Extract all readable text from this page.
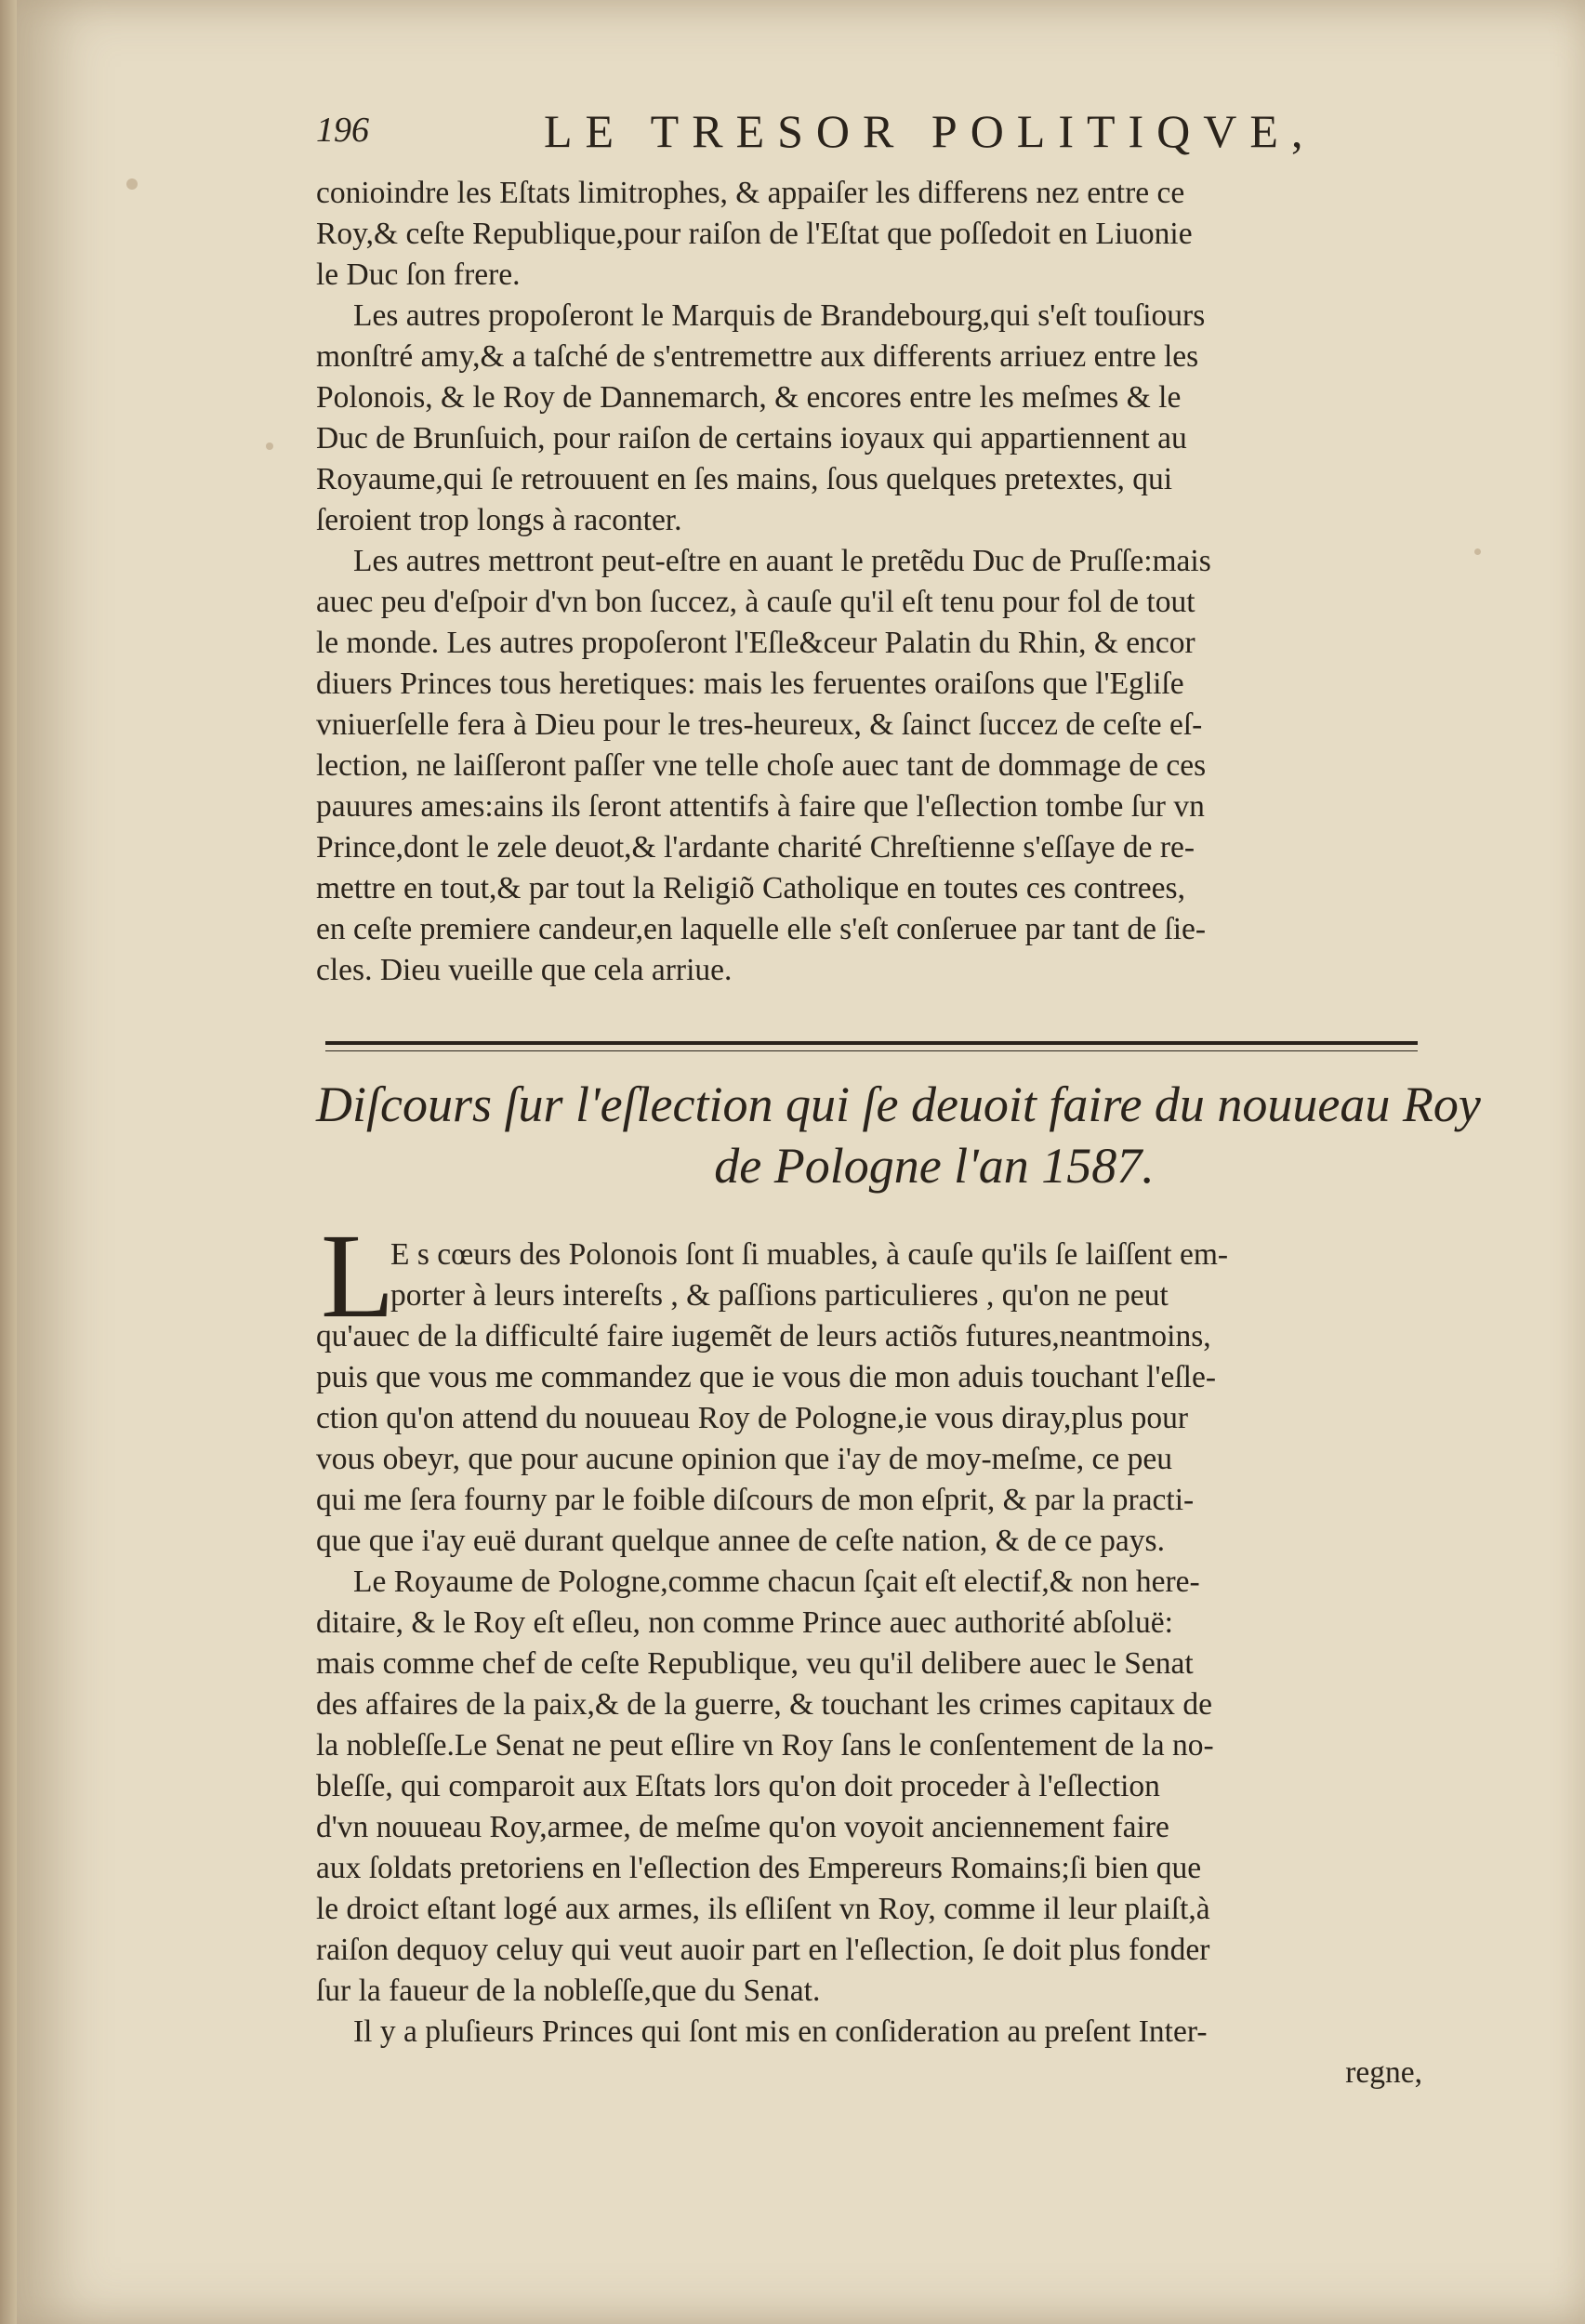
196	LE TRESOR POLITIQVE,
conioindre les Eſtats limitrophes, & appaiſer les differens nez entre ce
Roy,& ceſte Republique,pour raiſon de l'Eſtat que poſſedoit en Liuonie
le Duc ſon frere.
Les autres propoſeront le Marquis de Brandebourg,qui s'eſt touſiours
monſtré amy,& a taſché de s'entremettre aux differents arriuez entre les
Polonois, & le Roy de Dannemarch, & encores entre les meſmes & le
Duc de Brunſuich, pour raiſon de certains ioyaux qui appartiennent au
Royaume,qui ſe retrouuent en ſes mains, ſous quelques pretextes, qui
ſeroient trop longs à raconter.
Les autres mettront peut-eſtre en auant le pretẽdu Duc de Pruſſe:mais
auec peu d'eſpoir d'vn bon ſuccez, à cauſe qu'il eſt tenu pour fol de tout
le monde. Les autres propoſeront l'Eſle&ceur Palatin du Rhin, & encor
diuers Princes tous heretiques: mais les feruentes oraiſons que l'Egliſe
vniuerſelle fera à Dieu pour le tres-heureux, & ſainct ſuccez de ceſte eſ-
lection, ne laiſſeront paſſer vne telle choſe auec tant de dommage de ces
pauures ames:ains ils ſeront attentifs à faire que l'eſlection tombe ſur vn
Prince,dont le zele deuot,& l'ardante charité Chreſtienne s'eſſaye de re-
mettre en tout,& par tout la Religiõ Catholique en toutes ces contrees,
en ceſte premiere candeur,en laquelle elle s'eſt conſeruee par tant de ſie-
cles. Dieu vueille que cela arriue.
Diſcours ſur l'eſlection qui ſe deuoit faire du nouueau Roy
de Pologne l'an 1587.
L
E s cœurs des Polonois ſont ſi muables, à cauſe qu'ils ſe laiſſent em-
porter à leurs intereſts , & paſſions particulieres , qu'on ne peut
qu'auec de la difficulté faire iugemẽt de leurs actiõs futures,neantmoins,
puis que vous me commandez que ie vous die mon aduis touchant l'eſle-
ction qu'on attend du nouueau Roy de Pologne,ie vous diray,plus pour
vous obeyr, que pour aucune opinion que i'ay de moy-meſme, ce peu
qui me ſera fourny par le foible diſcours de mon eſprit, & par la practi-
que que i'ay euë durant quelque annee de ceſte nation, & de ce pays.
Le Royaume de Pologne,comme chacun ſçait eſt electif,& non here-
ditaire, & le Roy eſt eſleu, non comme Prince auec authorité abſoluë:
mais comme chef de ceſte Republique, veu qu'il delibere auec le Senat
des affaires de la paix,& de la guerre, & touchant les crimes capitaux de
la nobleſſe.Le Senat ne peut eſlire vn Roy ſans le conſentement de la no-
bleſſe, qui comparoit aux Eſtats lors qu'on doit proceder à l'eſlection
d'vn nouueau Roy,armee, de meſme qu'on voyoit anciennement faire
aux ſoldats pretoriens en l'eſlection des Empereurs Romains;ſi bien que
le droict eſtant logé aux armes, ils eſliſent vn Roy, comme il leur plaiſt,à
raiſon dequoy celuy qui veut auoir part en l'eſlection, ſe doit plus fonder
ſur la faueur de la nobleſſe,que du Senat.
Il y a pluſieurs Princes qui ſont mis en conſideration au preſent Inter-
regne,
